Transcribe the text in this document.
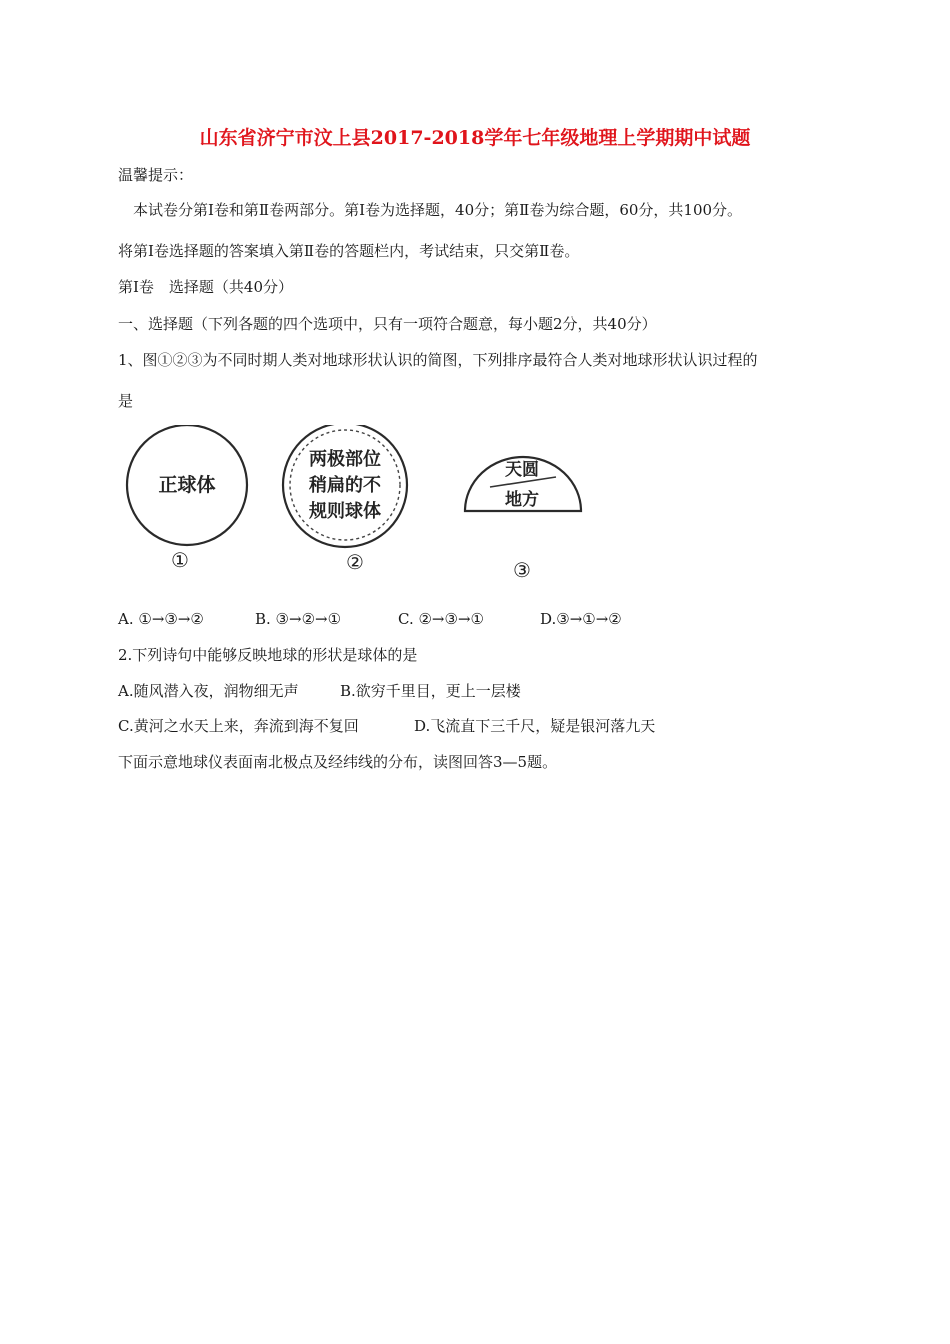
山东省济宁市汶上县2017-2018学年七年级地理上学期期中试题
温馨提示：
本试卷分第Ⅰ卷和第Ⅱ卷两部分。第Ⅰ卷为选择题，40分；第Ⅱ卷为综合题，60分，共100分。
将第Ⅰ卷选择题的答案填入第Ⅱ卷的答题栏内，考试结束，只交第Ⅱ卷。
第Ⅰ卷　选择题（共40分）
一、选择题（下列各题的四个选项中，只有一项符合题意，每小题2分，共40分）
1、图①②③为不同时期人类对地球形状认识的简图，下列排序最符合人类对地球形状认识过程的
是
正球体
①
两极部位
稍扁的不
规则球体
②
天圆
地方
③
A. ①→③→②	B. ③→②→①	C. ②→③→①	D.③→①→②
2.下列诗句中能够反映地球的形状是球体的是
A.随风潜入夜，润物细无声	B.欲穷千里目，更上一层楼
C.黄河之水天上来，奔流到海不复回	D.飞流直下三千尺，疑是银河落九天
下面示意地球仪表面南北极点及经纬线的分布，读图回答3—5题。
